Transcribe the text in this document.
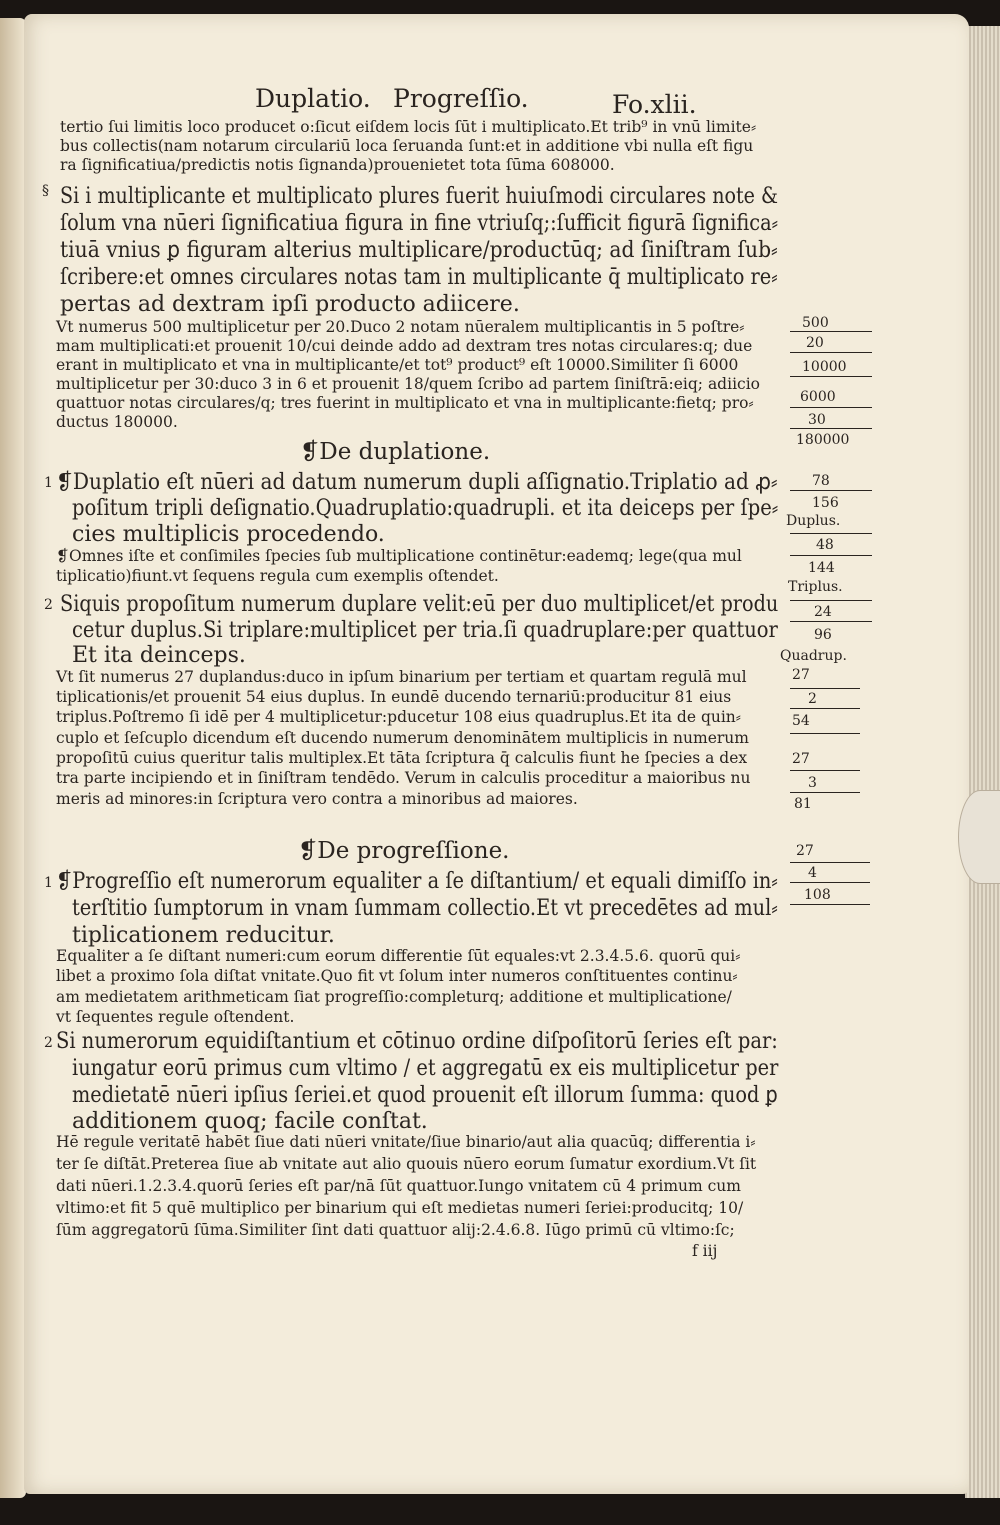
Duplatio. Progreſſio.	Fo.xlii.
tertio ſui limitis loco producet o:ſicut eiſdem locis ſūt i multiplicato.Et trib⁹ in vnū limite⸗
bus collectis(nam notarum circulariū loca ſeruanda ſunt:et in additione vbi nulla eſt figu
ra ſignificatiua/predictis notis ſignanda)prouenietet tota ſūma 608000.
§ Si i multiplicante et multiplicato plures fuerit huiuſmodi circulares note &
ſolum vna nūeri ſignificatiua figura in fine vtriuſq;:ſufficit figurā ſignifica⸗
tiuā vnius ꝑ figuram alterius multiplicare/productūq; ad ſiniſtram ſub⸗
ſcribere:et omnes circulares notas tam in multiplicante q̄ multiplicato re⸗
pertas ad dextram ipſi producto adiicere.
Vt numerus 500 multiplicetur per 20.Duco 2 notam nūeralem multiplicantis in 5 poſtre⸗
mam multiplicati:et prouenit 10/cui deinde addo ad dextram tres notas circulares:q; due
erant in multiplicato et vna in multiplicante/et tot⁹ product⁹ eſt 10000.Similiter ſi 6000
multiplicetur per 30:duco 3 in 6 et prouenit 18/quem ſcribo ad partem ſiniſtrā:eiq; adiicio
quattuor notas circulares/q; tres fuerint in multiplicato et vna in multiplicante:fietq; pro⸗
ductus 180000.
❡De duplatione.
1 ❡Duplatio eſt nūeri ad datum numerum dupli aſſignatio.Triplatio ad ꝓ⸗
poſitum tripli deſignatio.Quadruplatio:quadrupli. et ita deiceps per ſpe⸗
cies multiplicis procedendo.
❡Omnes iſte et conſimiles ſpecies ſub multiplicatione continētur:eademq; lege(qua mul
tiplicatio)fiunt.vt ſequens regula cum exemplis oſtendet.
2 Siquis propoſitum numerum duplare velit:eū per duo multiplicet/et produ
cetur duplus.Si triplare:multiplicet per tria.ſi quadruplare:per quattuor
Et ita deinceps.
Vt ſit numerus 27 duplandus:duco in ipſum binarium per tertiam et quartam regulā mul
tiplicationis/et prouenit 54 eius duplus. In eundē ducendo ternariū:producitur 81 eius
triplus.Poſtremo ſi idē per 4 multiplicetur:pducetur 108 eius quadruplus.Et ita de quin⸗
cuplo et ſeſcuplo dicendum eſt ducendo numerum denominātem multiplicis in numerum
propoſitū cuius queritur talis multiplex.Et tāta ſcriptura q̄ calculis fiunt he ſpecies a dex
tra parte incipiendo et in ſiniſtram tendēdo. Verum in calculis proceditur a maioribus nu
meris ad minores:in ſcriptura vero contra a minoribus ad maiores.
❡De progreſſione.
1 ❡Progreſſio eſt numerorum equaliter a ſe diſtantium/ et equali dimiſſo in⸗
terſtitio ſumptorum in vnam ſummam collectio.Et vt precedētes ad mul⸗
tiplicationem reducitur.
Equaliter a ſe diſtant numeri:cum eorum differentie ſūt equales:vt 2.3.4.5.6. quorū qui⸗
libet a proximo ſola diſtat vnitate.Quo fit vt ſolum inter numeros conſtituentes continu⸗
am medietatem arithmeticam ſiat progreſſio:completurq; additione et multiplicatione/
vt ſequentes regule oſtendent.
2 Si numerorum equidiſtantium et cōtinuo ordine diſpoſitorū ſeries eſt par:
iungatur eorū primus cum vltimo / et aggregatū ex eis multiplicetur per
medietatē nūeri ipſius ſeriei.et quod prouenit eſt illorum ſumma: quod ꝑ
additionem quoq; facile conſtat.
Hē regule veritatē habēt ſiue dati nūeri vnitate/ſiue binario/aut alia quacūq; differentia i⸗
ter ſe diſtāt.Preterea ſiue ab vnitate aut alio quouis nūero eorum ſumatur exordium.Vt ſit
dati nūeri.1.2.3.4.quorū ſeries eſt par/nā ſūt quattuor.Iungo vnitatem cū 4 primum cum
vltimo:et fit 5 quē multiplico per binarium qui eſt medietas numeri ſeriei:producitq; 10/
ſūm aggregatorū ſūma.Similiter ſint dati quattuor alij:2.4.6.8. Iūgo primū cū vltimo:ſc;
f iij
500
20
10000
6000
30
180000
78
156
Duplus.
48
144
Triplus.
24
96
Quadrup.
27
2
54
27
3
81
27
4
108
